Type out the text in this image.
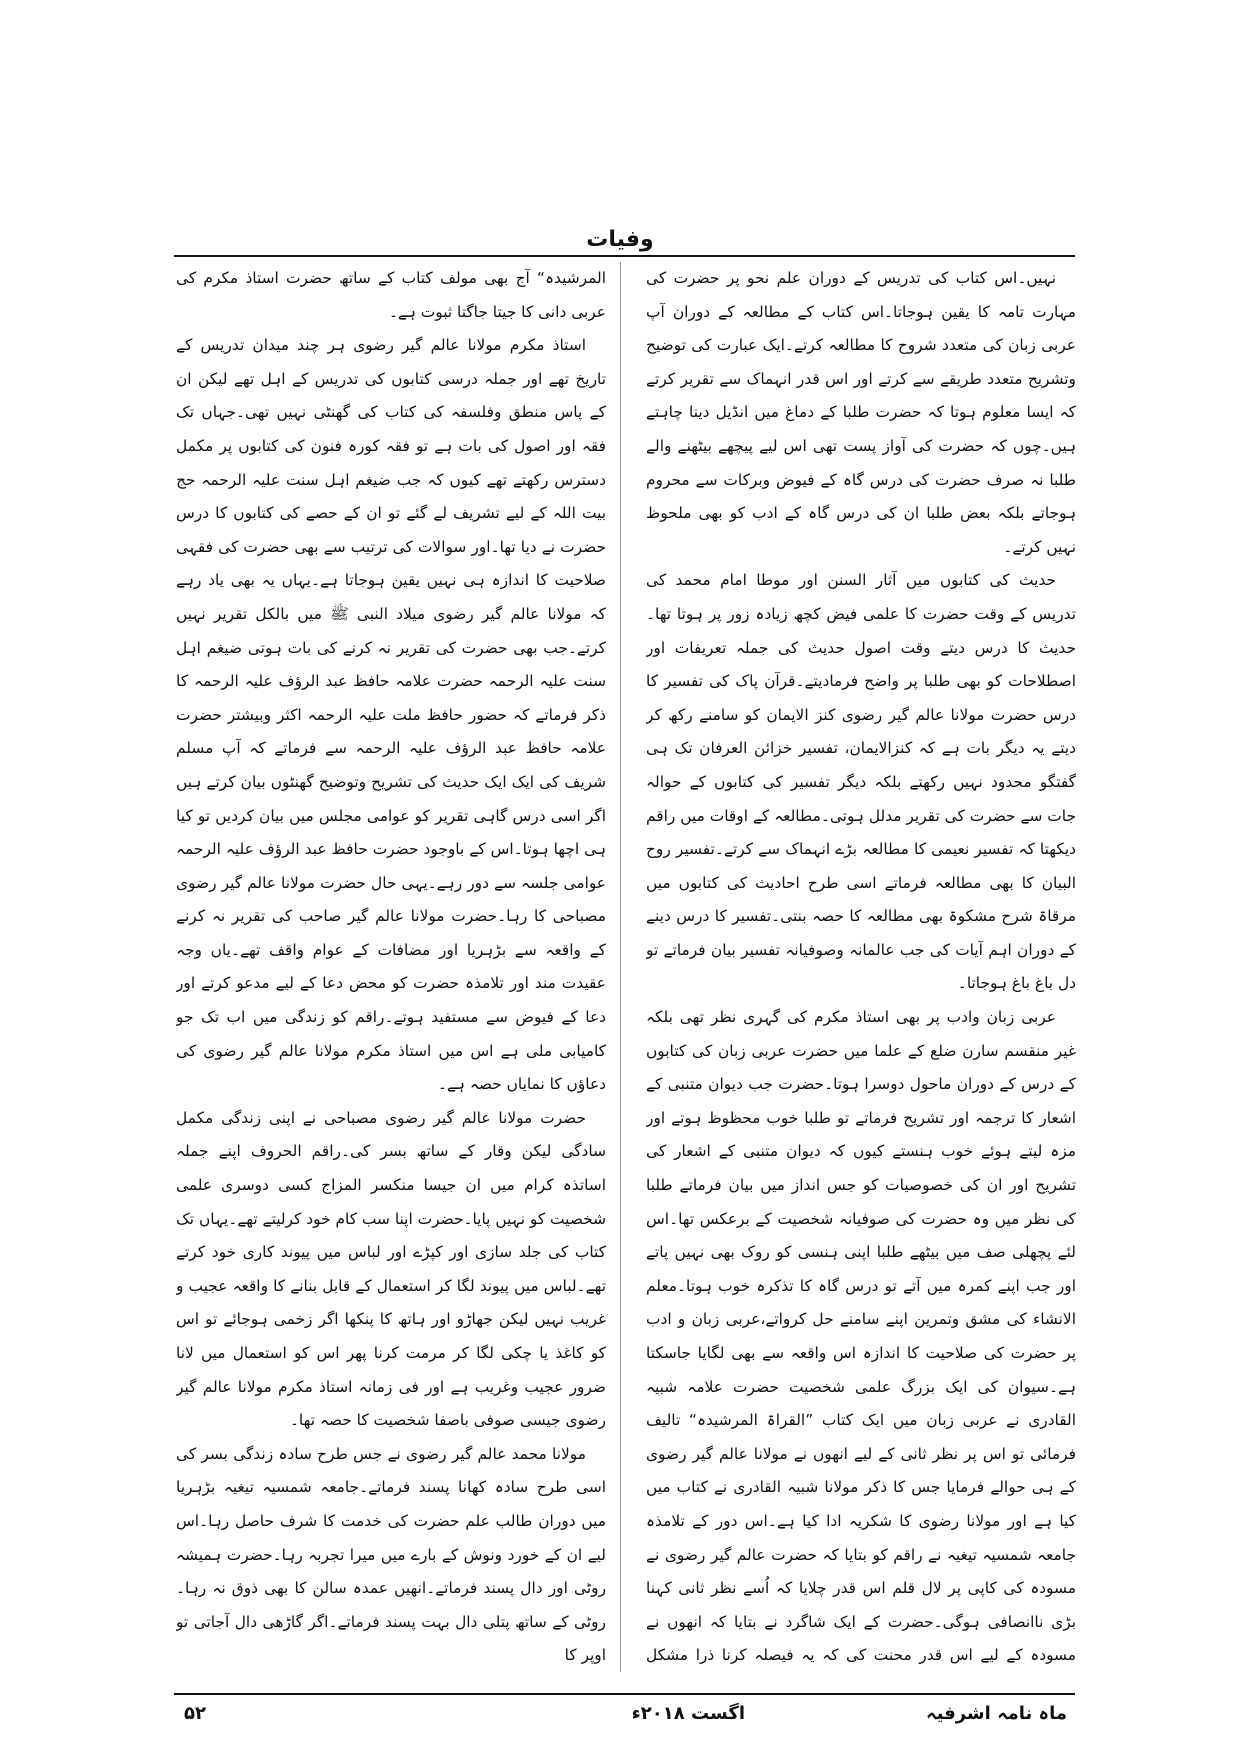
وفیات

نہیں۔اس کتاب کی تدریس کے دوران علم نحو پر حضرت کی مہارت تامہ کا یقین ہوجاتا۔اس کتاب کے مطالعہ کے دوران آپ عربی زبان کی متعدد شروح کا مطالعہ کرتے۔ایک عبارت کی توضیح وتشریح متعدد طریقے سے کرتے اور اس قدر انہماک سے تقریر کرتے کہ ایسا معلوم ہوتا کہ حضرت طلبا کے دماغ میں انڈیل دینا چاہتے ہیں۔چوں کہ حضرت کی آواز پست تھی اس لیے پیچھے بیٹھنے والے طلبا نہ صرف حضرت کی درس گاہ کے فیوض وبرکات سے محروم ہوجاتے بلکہ بعض طلبا ان کی درس گاہ کے ادب کو بھی ملحوظ نہیں کرتے۔

حدیث کی کتابوں میں آثار السنن اور موطا امام محمد کی تدریس کے وقت حضرت کا علمی فیض کچھ زیادہ زور پر ہوتا تھا۔حدیث کا درس دیتے وقت اصول حدیث کی جملہ تعریفات اور اصطلاحات کو بھی طلبا پر واضح فرمادیتے۔قرآن پاک کی تفسیر کا درس حضرت مولانا عالم گیر رضوی کنز الایمان کو سامنے رکھ کر دیتے یہ دیگر بات ہے کہ کنزالایمان، تفسیر خزائن العرفان تک ہی گفتگو محدود نہیں رکھتے بلکہ دیگر تفسیر کی کتابوں کے حوالہ جات سے حضرت کی تقریر مدلل ہوتی۔مطالعہ کے اوقات میں راقم دیکھتا کہ تفسیر نعیمی کا مطالعہ بڑے انہماک سے کرتے۔تفسیر روح البیان کا بھی مطالعہ فرماتے اسی طرح احادیث کی کتابوں میں مرقاۃ شرح مشکوۃ بھی مطالعہ کا حصہ بنتی۔تفسیر کا درس دینے کے دوران اہم آیات کی جب عالمانہ وصوفیانہ تفسیر بیان فرماتے تو دل باغ باغ ہوجاتا۔

عربی زبان وادب پر بھی استاذ مکرم کی گہری نظر تھی بلکہ غیر منقسم سارن ضلع کے علما میں حضرت عربی زبان کی کتابوں کے درس کے دوران ماحول دوسرا ہوتا۔حضرت جب دیوان متنبی کے اشعار کا ترجمہ اور تشریح فرماتے تو طلبا خوب محظوظ ہوتے اور مزہ لیتے ہوئے خوب ہنستے کیوں کہ دیوان متنبی کے اشعار کی تشریح اور ان کی خصوصیات کو جس انداز میں بیان فرماتے طلبا کی نظر میں وہ حضرت کی صوفیانہ شخصیت کے برعکس تھا۔اس لئے پچھلی صف میں بیٹھے طلبا اپنی ہنسی کو روک بھی نہیں پاتے اور جب اپنے کمرہ میں آتے تو درس گاہ کا تذکرہ خوب ہوتا۔معلم الانشاء کی مشق وتمرین اپنے سامنے حل کرواتے،عربی زبان و ادب پر حضرت کی صلاحیت کا اندازہ اس واقعہ سے بھی لگایا جاسکتا ہے۔سیوان کی ایک بزرگ علمی شخصیت حضرت علامہ شبیہ القادری نے عربی زبان میں ایک کتاب ”القراۃ المرشیدہ“ تالیف فرمائی تو اس پر نظر ثانی کے لیے انھوں نے مولانا عالم گیر رضوی کے ہی حوالے فرمایا جس کا ذکر مولانا شبیہ القادری نے کتاب میں کیا ہے اور مولانا رضوی کا شکریہ ادا کیا ہے۔اس دور کے تلامذہ جامعہ شمسیہ تیغیہ نے راقم کو بتایا کہ حضرت عالم گیر رضوی نے مسودہ کی کاپی پر لال قلم اس قدر چلایا کہ اُسے نظر ثانی کہنا بڑی ناانصافی ہوگی۔حضرت کے ایک شاگرد نے بتایا کہ انھوں نے مسودہ کے لیے اس قدر محنت کی کہ یہ فیصلہ کرنا ذرا مشکل

المرشیدہ“ آج بھی مولف کتاب کے ساتھ حضرت استاذ مکرم کی عربی دانی کا جیتا جاگتا ثبوت ہے۔

استاذ مکرم مولانا عالم گیر رضوی ہر چند میدان تدریس کے تاریخ تھے اور جملہ درسی کتابوں کی تدریس کے اہل تھے لیکن ان کے پاس منطق وفلسفہ کی کتاب کی گھنٹی نہیں تھی۔جہاں تک فقہ اور اصول کی بات ہے تو فقہ کورہ فنون کی کتابوں پر مکمل دسترس رکھتے تھے کیوں کہ جب ضیغم اہل سنت علیہ الرحمہ حج بیت اللہ کے لیے تشریف لے گئے تو ان کے حصے کی کتابوں کا درس حضرت نے دیا تھا۔اور سوالات کی ترتیب سے بھی حضرت کی فقہی صلاحیت کا اندازہ ہی نہیں یقین ہوجاتا ہے۔یہاں یہ بھی یاد رہے کہ مولانا عالم گیر رضوی میلاد النبی ﷺ میں بالکل تقریر نہیں کرتے۔جب بھی حضرت کی تقریر نہ کرنے کی بات ہوتی ضیغم اہل سنت علیہ الرحمہ حضرت علامہ حافظ عبد الرؤف علیہ الرحمہ کا ذکر فرماتے کہ حضور حافظ ملت علیہ الرحمہ اکثر وبیشتر حضرت علامہ حافظ عبد الرؤف علیہ الرحمہ سے فرماتے کہ آپ مسلم شریف کی ایک ایک حدیث کی تشریح وتوضیح گھنٹوں بیان کرتے ہیں اگر اسی درس گاہی تقریر کو عوامی مجلس میں بیان کردیں تو کیا ہی اچھا ہوتا۔اس کے باوجود حضرت حافظ عبد الرؤف علیہ الرحمہ عوامی جلسہ سے دور رہے۔یہی حال حضرت مولانا عالم گیر رضوی مصباحی کا رہا۔حضرت مولانا عالم گیر صاحب کی تقریر نہ کرنے کے واقعہ سے بڑہریا اور مضافات کے عوام واقف تھے۔یاں وجہ عقیدت مند اور تلامذہ حضرت کو محض دعا کے لیے مدعو کرتے اور دعا کے فیوض سے مستفید ہوتے۔راقم کو زندگی میں اب تک جو کامیابی ملی ہے اس میں استاذ مکرم مولانا عالم گیر رضوی کی دعاؤں کا نمایاں حصہ ہے۔

حضرت مولانا عالم گیر رضوی مصباحی نے اپنی زندگی مکمل سادگی لیکن وقار کے ساتھ بسر کی۔راقم الحروف اپنے جملہ اساتذہ کرام میں ان جیسا منکسر المزاج کسی دوسری علمی شخصیت کو نہیں پایا۔حضرت اپنا سب کام خود کرلیتے تھے۔یہاں تک کتاب کی جلد سازی اور کپڑے اور لباس میں پیوند کاری خود کرتے تھے۔لباس میں پیوند لگا کر استعمال کے قابل بنانے کا واقعہ عجیب و غریب نہیں لیکن جھاڑو اور ہاتھ کا پنکھا اگر زخمی ہوجائے تو اس کو کاغذ یا چکی لگا کر مرمت کرنا پھر اس کو استعمال میں لانا ضرور عجیب وغریب ہے اور فی زمانہ استاذ مکرم مولانا عالم گیر رضوی جیسی صوفی باصفا شخصیت کا حصہ تھا۔

مولانا محمد عالم گیر رضوی نے جس طرح سادہ زندگی بسر کی اسی طرح سادہ کھانا پسند فرماتے۔جامعہ شمسیہ تیغیہ بڑہریا میں دوران طالب علم حضرت کی خدمت کا شرف حاصل رہا۔اس لیے ان کے خورد ونوش کے بارے میں میرا تجربہ رہا۔حضرت ہمیشہ روٹی اور دال پسند فرماتے۔انھیں عمدہ سالن کا بھی ذوق نہ رہا۔روٹی کے ساتھ پتلی دال بہت پسند فرماتے۔اگر گاڑھی دال آجاتی تو اوپر کا

ماہ نامہ اشرفیہ
اگست ۲۰۱۸ء
۵۲
